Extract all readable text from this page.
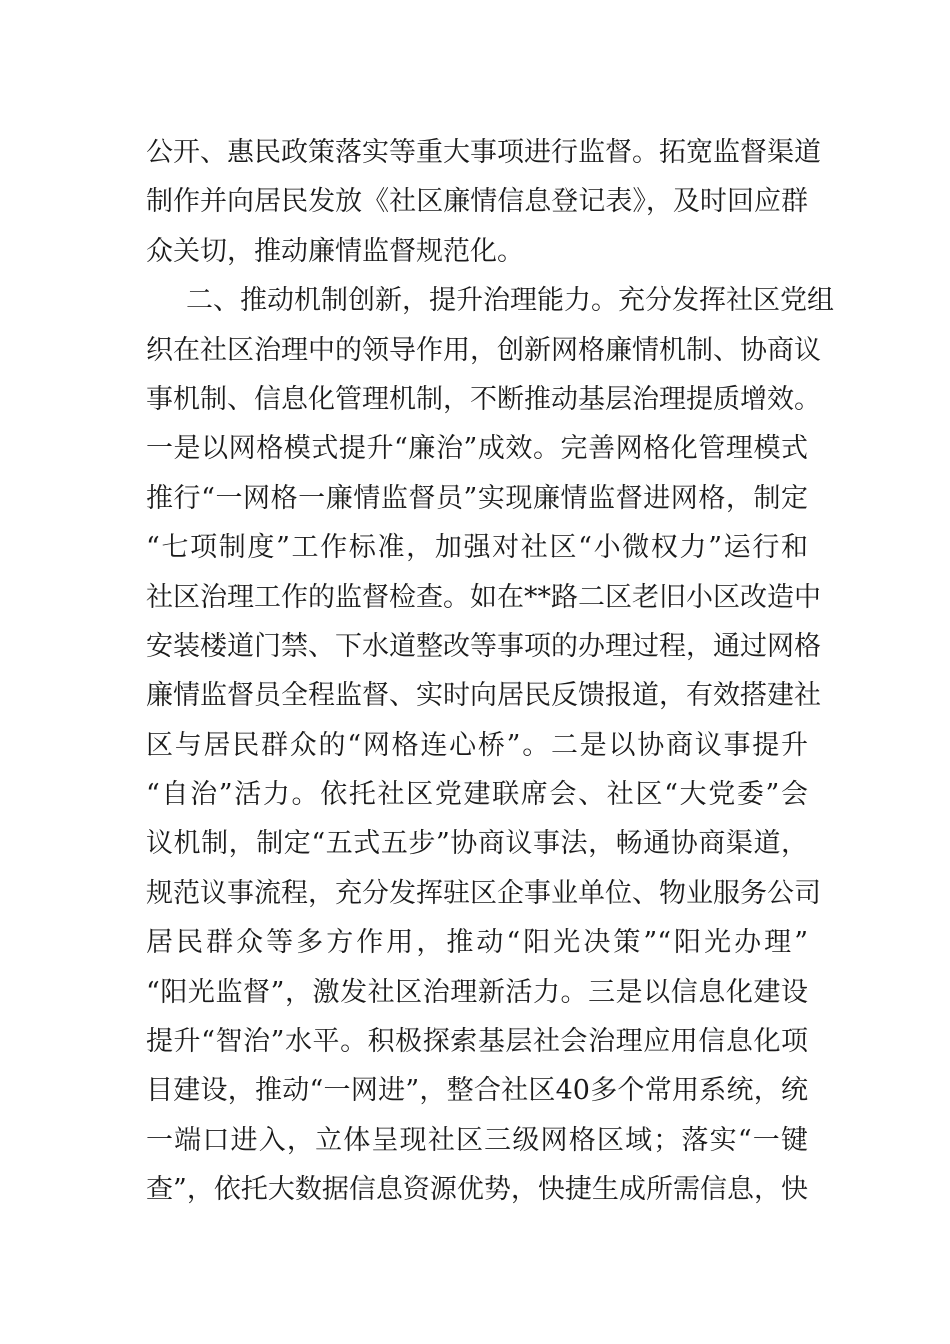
公开、惠民政策落实等重大事项进行监督。拓宽监督渠道
制作并向居民发放《社区廉情信息登记表》，及时回应群
众关切，推动廉情监督规范化。
二、推动机制创新，提升治理能力。充分发挥社区党组
织在社区治理中的领导作用，创新网格廉情机制、协商议
事机制、信息化管理机制，不断推动基层治理提质增效。
一是以网格模式提升“廉治”成效。完善网格化管理模式
推行“一网格一廉情监督员”实现廉情监督进网格，制定
“七项制度”工作标准，加强对社区“小微权力”运行和
社区治理工作的监督检查。如在**路二区老旧小区改造中
安装楼道门禁、下水道整改等事项的办理过程，通过网格
廉情监督员全程监督、实时向居民反馈报道，有效搭建社
区与居民群众的“网格连心桥”。二是以协商议事提升
“自治”活力。依托社区党建联席会、社区“大党委”会
议机制，制定“五式五步”协商议事法，畅通协商渠道，
规范议事流程，充分发挥驻区企事业单位、物业服务公司
居民群众等多方作用，推动“阳光决策”“阳光办理”
“阳光监督”，激发社区治理新活力。三是以信息化建设
提升“智治”水平。积极探索基层社会治理应用信息化项
目建设，推动“一网进”，整合社区40多个常用系统，统
一端口进入，立体呈现社区三级网格区域；落实“一键
查”，依托大数据信息资源优势，快捷生成所需信息，快
